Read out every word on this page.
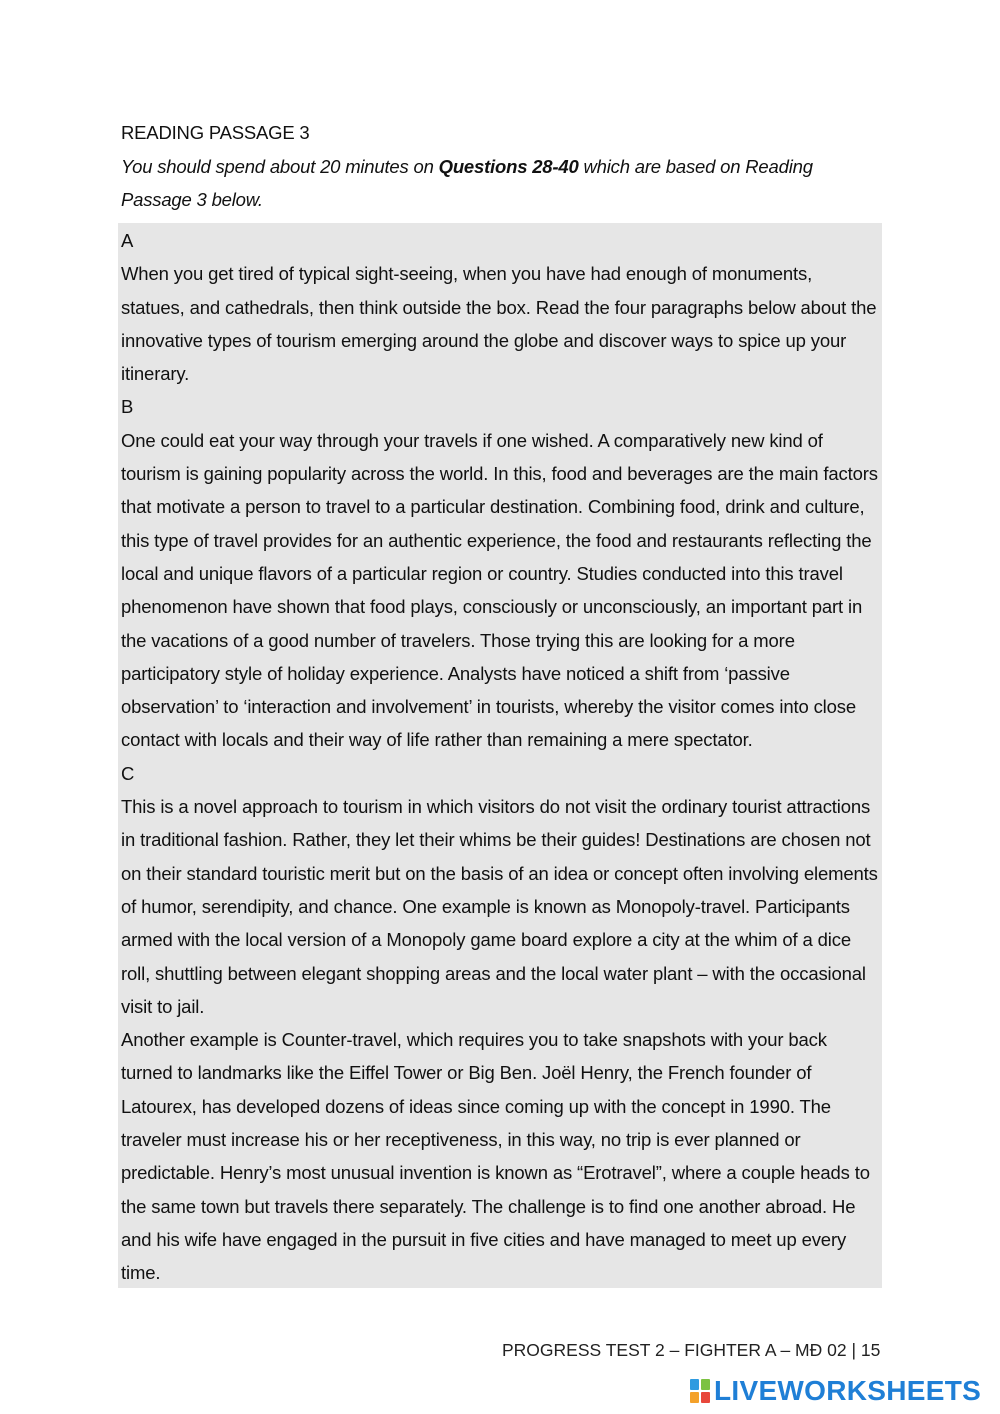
READING PASSAGE 3
You should spend about 20 minutes on Questions 28-40 which are based on Reading Passage 3 below.
A

When you get tired of typical sight-seeing, when you have had enough of monuments, statues, and cathedrals, then think outside the box. Read the four paragraphs below about the innovative types of tourism emerging around the globe and discover ways to spice up your itinerary.

B

One could eat your way through your travels if one wished. A comparatively new kind of tourism is gaining popularity across the world. In this, food and beverages are the main factors that motivate a person to travel to a particular destination. Combining food, drink and culture, this type of travel provides for an authentic experience, the food and restaurants reflecting the local and unique flavors of a particular region or country. Studies conducted into this travel phenomenon have shown that food plays, consciously or unconsciously, an important part in the vacations of a good number of travelers. Those trying this are looking for a more participatory style of holiday experience. Analysts have noticed a shift from ‘passive observation’ to ‘interaction and involvement’ in tourists, whereby the visitor comes into close contact with locals and their way of life rather than remaining a mere spectator.

C

This is a novel approach to tourism in which visitors do not visit the ordinary tourist attractions in traditional fashion. Rather, they let their whims be their guides! Destinations are chosen not on their standard touristic merit but on the basis of an idea or concept often involving elements of humor, serendipity, and chance. One example is known as Monopoly-travel. Participants armed with the local version of a Monopoly game board explore a city at the whim of a dice roll, shuttling between elegant shopping areas and the local water plant – with the occasional visit to jail.

Another example is Counter-travel, which requires you to take snapshots with your back turned to landmarks like the Eiffel Tower or Big Ben. Joël Henry, the French founder of Latourex, has developed dozens of ideas since coming up with the concept in 1990. The traveler must increase his or her receptiveness, in this way, no trip is ever planned or predictable. Henry’s most unusual invention is known as “Erotravel”, where a couple heads to the same town but travels there separately. The challenge is to find one another abroad. He and his wife have engaged in the pursuit in five cities and have managed to meet up every time.

PROGRESS TEST 2 – FIGHTER A – MĐ 02 | 15
LIVEWORKSHEETS
